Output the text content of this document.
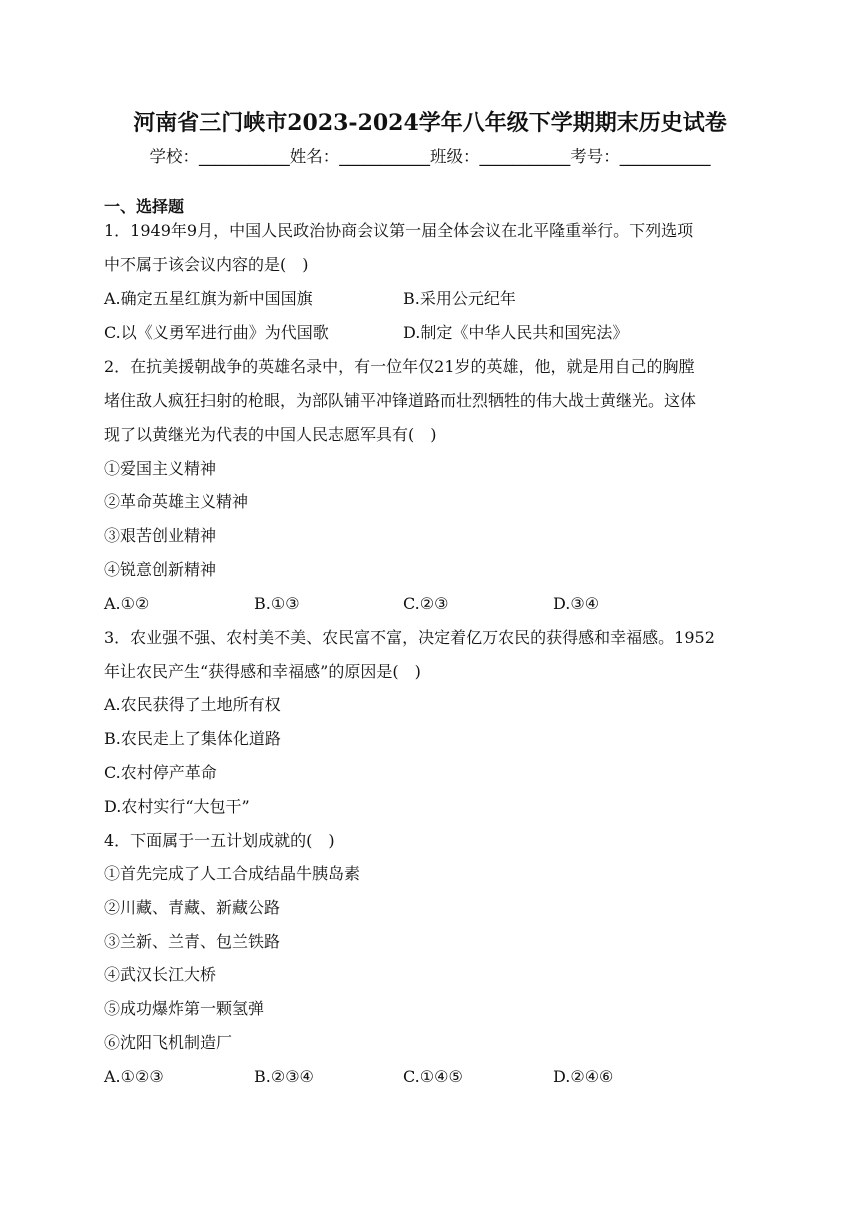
河南省三门峡市2023-2024学年八年级下学期期末历史试卷
学校：___________姓名：___________班级：___________考号：___________
一、选择题
1．1949年9月，中国人民政治协商会议第一届全体会议在北平隆重举行。下列选项
中不属于该会议内容的是(　)
A.确定五星红旗为新中国国旗	B.采用公元纪年
C.以《义勇军进行曲》为代国歌	D.制定《中华人民共和国宪法》
2．在抗美援朝战争的英雄名录中，有一位年仅21岁的英雄，他，就是用自己的胸膛
堵住敌人疯狂扫射的枪眼，为部队铺平冲锋道路而壮烈牺牲的伟大战士黄继光。这体
现了以黄继光为代表的中国人民志愿军具有(　)
①爱国主义精神
②革命英雄主义精神
③艰苦创业精神
④锐意创新精神
A.①②	B.①③	C.②③	D.③④
3．农业强不强、农村美不美、农民富不富，决定着亿万农民的获得感和幸福感。1952
年让农民产生“获得感和幸福感”的原因是(　)
A.农民获得了土地所有权
B.农民走上了集体化道路
C.农村停产革命
D.农村实行“大包干”
4．下面属于一五计划成就的(　)
①首先完成了人工合成结晶牛胰岛素
②川藏、青藏、新藏公路
③兰新、兰青、包兰铁路
④武汉长江大桥
⑤成功爆炸第一颗氢弹
⑥沈阳飞机制造厂
A.①②③	B.②③④	C.①④⑤	D.②④⑥
